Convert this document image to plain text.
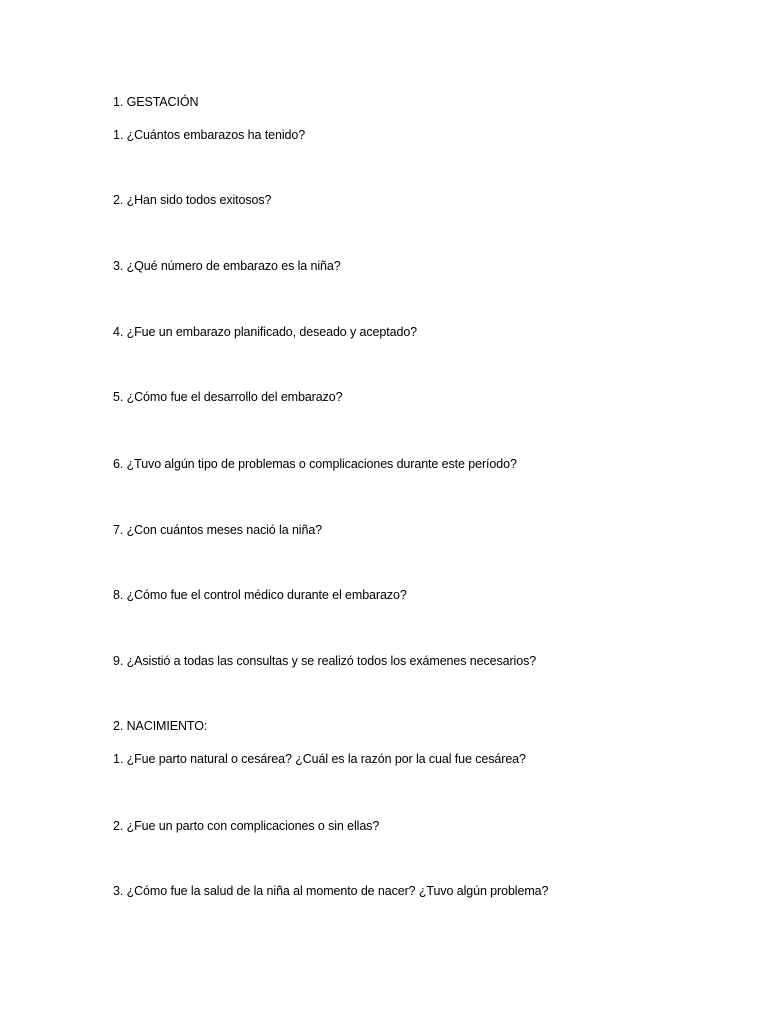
1. GESTACIÓN

1. ¿Cuántos embarazos ha tenido?

2. ¿Han sido todos exitosos?

3. ¿Qué número de embarazo es la niña?

4. ¿Fue un embarazo planificado, deseado y aceptado?

5. ¿Cómo fue el desarrollo del embarazo?

6. ¿Tuvo algún tipo de problemas o complicaciones durante este período?

7. ¿Con cuántos meses nació la niña?

8. ¿Cómo fue el control médico durante el embarazo?

9. ¿Asistió a todas las consultas y se realizó todos los exámenes necesarios?

2. NACIMIENTO:

1. ¿Fue parto natural o cesárea? ¿Cuál es la razón por la cual fue cesárea?

2. ¿Fue un parto con complicaciones o sin ellas?

3. ¿Cómo fue la salud de la niña al momento de nacer? ¿Tuvo algún problema?
